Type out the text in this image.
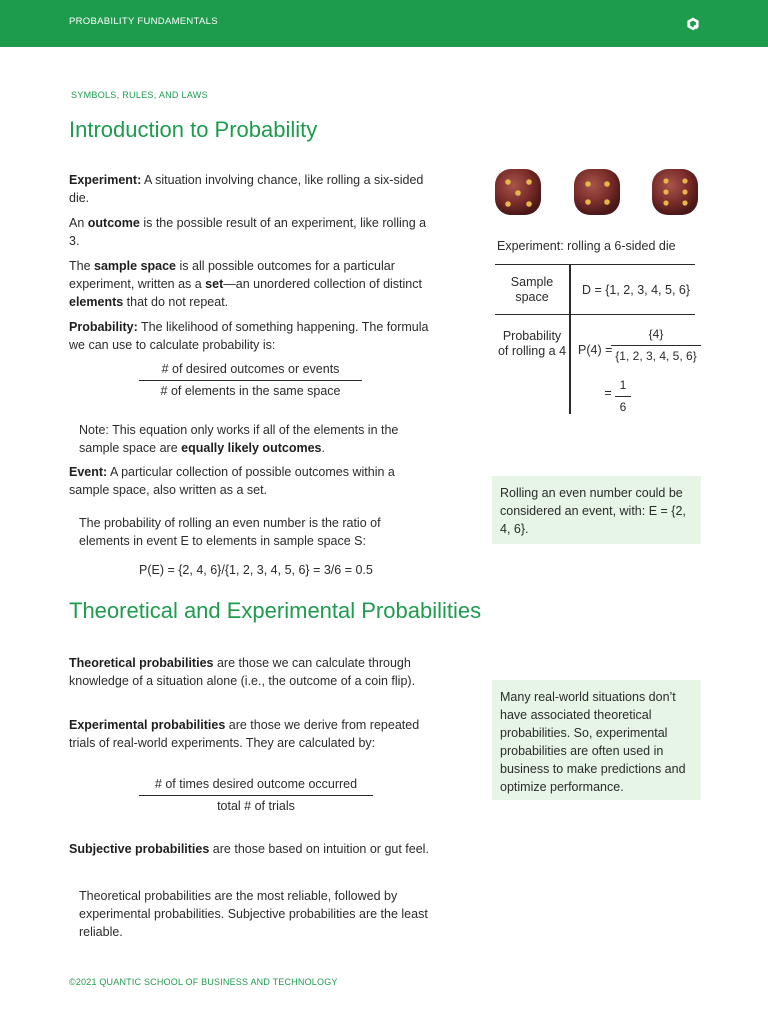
PROBABILITY FUNDAMENTALS
SYMBOLS, RULES, AND LAWS
Introduction to Probability
Experiment: A situation involving chance, like rolling a six-sided die.
An outcome is the possible result of an experiment, like rolling a 3.
The sample space is all possible outcomes for a particular experiment, written as a set—an unordered collection of distinct elements that do not repeat.
Probability: The likelihood of something happening. The formula we can use to calculate probability is:
# of desired outcomes or events
# of elements in the same space
Note: This equation only works if all of the elements in the sample space are equally likely outcomes.
Event: A particular collection of possible outcomes within a sample space, also written as a set.
The probability of rolling an even number is the ratio of elements in event E to elements in sample space S:
P(E) = {2, 4, 6}/{1, 2, 3, 4, 5, 6} = 3/6 = 0.5
Experiment: rolling a 6-sided die
Sample space	D = {1, 2, 3, 4, 5, 6}
Probability of rolling a 4 P(4) =
$\frac{\{4\}}{\{1, 2, 3, 4, 5, 6\}}$
= $\frac{1}{6}$
Rolling an even number could be considered an event, with: E = {2, 4, 6}.
Theoretical and Experimental Probabilities
Theoretical probabilities are those we can calculate through knowledge of a situation alone (i.e., the outcome of a coin flip).
Experimental probabilities are those we derive from repeated trials of real-world experiments. They are calculated by:
# of times desired outcome occurred
total # of trials
Subjective probabilities are those based on intuition or gut feel.
Theoretical probabilities are the most reliable, followed by experimental probabilities. Subjective probabilities are the least reliable.
Many real-world situations don’t have associated theoretical probabilities. So, experimental probabilities are often used in business to make predictions and optimize performance.
©2021 QUANTIC SCHOOL OF BUSINESS AND TECHNOLOGY
